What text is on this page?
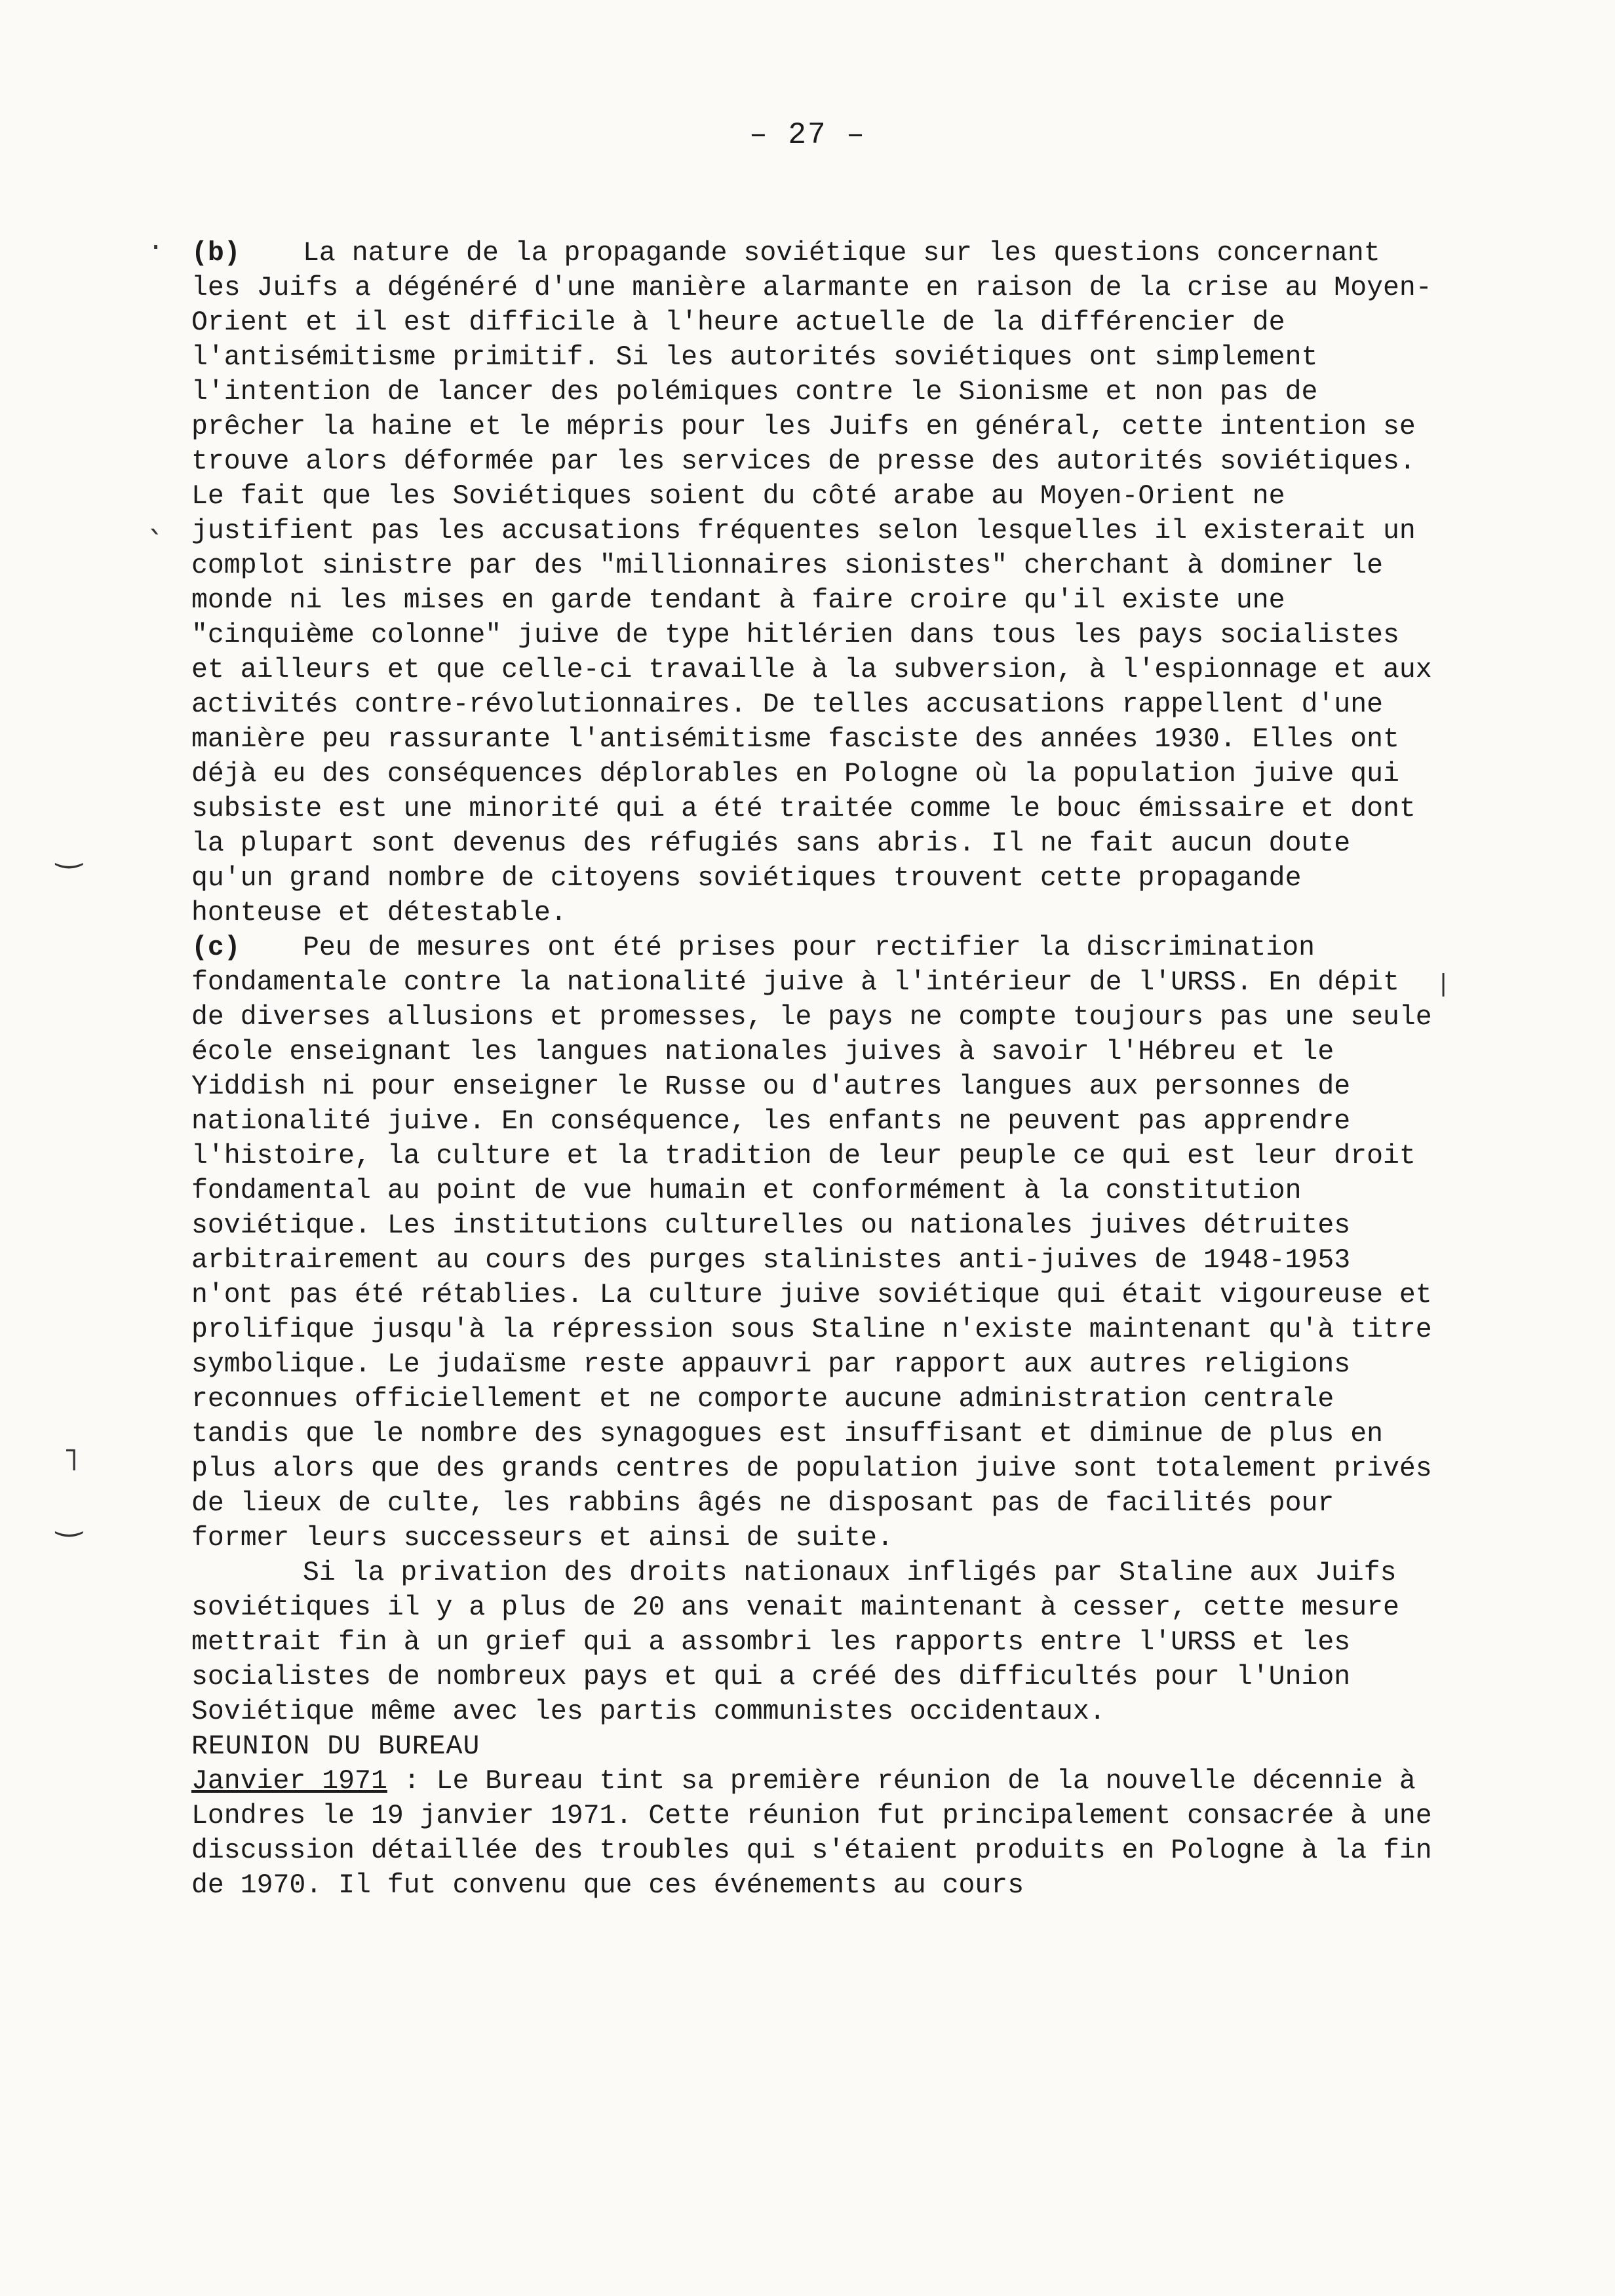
– 27 –
·
ˎ
‿
˥
‿
|

(b) La nature de la propagande soviétique sur les questions concernant les Juifs a dégénéré d'une manière alarmante en raison de la crise au Moyen-Orient et il est difficile à l'heure actuelle de la différencier de l'antisémitisme primitif. Si les autorités soviétiques ont simplement l'intention de lancer des polémiques contre le Sionisme et non pas de prêcher la haine et le mépris pour les Juifs en général, cette intention se trouve alors déformée par les services de presse des autorités soviétiques. Le fait que les Soviétiques soient du côté arabe au Moyen-Orient ne justifient pas les accusations fréquentes selon lesquelles il existerait un complot sinistre par des "millionnaires sionistes" cherchant à dominer le monde ni les mises en garde tendant à faire croire qu'il existe une "cinquième colonne" juive de type hitlérien dans tous les pays socialistes et ailleurs et que celle-ci travaille à la subversion, à l'espionnage et aux activités contre-révolutionnaires. De telles accusations rappellent d'une manière peu rassurante l'antisémitisme fasciste des années 1930. Elles ont déjà eu des conséquences déplorables en Pologne où la population juive qui subsiste est une minorité qui a été traitée comme le bouc émissaire et dont la plupart sont devenus des réfugiés sans abris. Il ne fait aucun doute qu'un grand nombre de citoyens soviétiques trouvent cette propagande honteuse et détestable.

(c) Peu de mesures ont été prises pour rectifier la discrimination fondamentale contre la nationalité juive à l'intérieur de l'URSS. En dépit de diverses allusions et promesses, le pays ne compte toujours pas une seule école enseignant les langues nationales juives à savoir l'Hébreu et le Yiddish ni pour enseigner le Russe ou d'autres langues aux personnes de nationalité juive. En conséquence, les enfants ne peuvent pas apprendre l'histoire, la culture et la tradition de leur peuple ce qui est leur droit fondamental au point de vue humain et conformément à la constitution soviétique. Les institutions culturelles ou nationales juives détruites arbitrairement au cours des purges stalinistes anti-juives de 1948-1953 n'ont pas été rétablies. La culture juive soviétique qui était vigoureuse et prolifique jusqu'à la répression sous Staline n'existe maintenant qu'à titre symbolique. Le judaïsme reste appauvri par rapport aux autres religions reconnues officiellement et ne comporte aucune administration centrale tandis que le nombre des synagogues est insuffisant et diminue de plus en plus alors que des grands centres de population juive sont totalement privés de lieux de culte, les rabbins âgés ne disposant pas de facilités pour former leurs successeurs et ainsi de suite.

Si la privation des droits nationaux infligés par Staline aux Juifs soviétiques il y a plus de 20 ans venait maintenant à cesser, cette mesure mettrait fin à un grief qui a assombri les rapports entre l'URSS et les socialistes de nombreux pays et qui a créé des difficultés pour l'Union Soviétique même avec les partis communistes occidentaux.

REUNION DU BUREAU

Janvier 1971 : Le Bureau tint sa première réunion de la nouvelle décennie à Londres le 19 janvier 1971. Cette réunion fut principalement consacrée à une discussion détaillée des troubles qui s'étaient produits en Pologne à la fin de 1970. Il fut convenu que ces événements au cours
